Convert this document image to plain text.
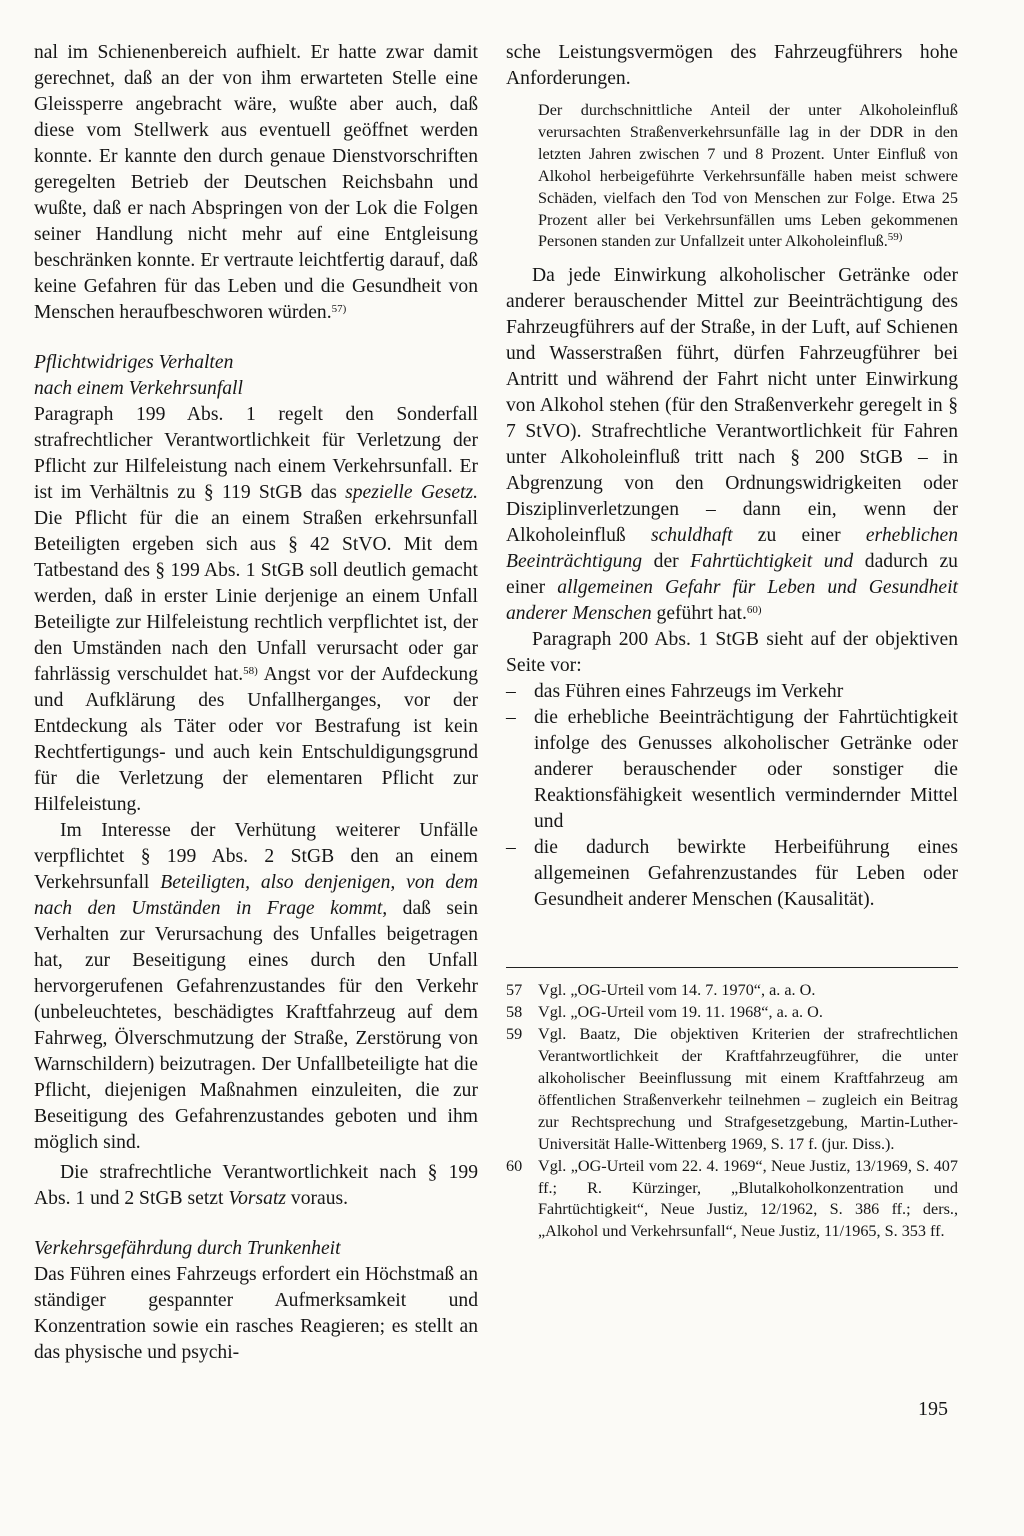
nal im Schienenbereich aufhielt. Er hatte zwar damit gerechnet, daß an der von ihm erwarteten Stelle eine Gleissperre angebracht wäre, wußte aber auch, daß diese vom Stellwerk aus eventuell geöffnet werden konnte. Er kannte den durch genaue Dienstvorschriften geregelten Betrieb der Deutschen Reichsbahn und wußte, daß er nach Abspringen von der Lok die Folgen seiner Handlung nicht mehr auf eine Entgleisung beschränken konnte. Er vertraute leichtfertig darauf, daß keine Gefahren für das Leben und die Gesundheit von Menschen heraufbeschworen würden.$^{57)}$

Pflichtwidriges Verhalten
nach einem Verkehrsunfall

Paragraph 199 Abs. 1 regelt den Sonderfall strafrechtlicher Verantwortlichkeit für Verletzung der Pflicht zur Hilfeleistung nach einem Verkehrsunfall. Er ist im Verhältnis zu § 119 StGB das spezielle Gesetz. Die Pflicht für die an einem Straßen erkehrsunfall Beteiligten ergeben sich aus § 42 StVO. Mit dem Tatbestand des § 199 Abs. 1 StGB soll deutlich gemacht werden, daß in erster Linie derjenige an einem Unfall Beteiligte zur Hilfeleistung rechtlich verpflichtet ist, der den Umständen nach den Unfall verursacht oder gar fahrlässig verschuldet hat.$^{58)}$ Angst vor der Aufdeckung und Aufklärung des Unfallherganges, vor der Entdeckung als Täter oder vor Bestrafung ist kein Rechtfertigungs- und auch kein Entschuldigungsgrund für die Verletzung der elementaren Pflicht zur Hilfeleistung.

Im Interesse der Verhütung weiterer Unfälle verpflichtet § 199 Abs. 2 StGB den an einem Verkehrsunfall Beteiligten, also denjenigen, von dem nach den Umständen in Frage kommt, daß sein Verhalten zur Verursachung des Unfalles beigetragen hat, zur Beseitigung eines durch den Unfall hervorgerufenen Gefahrenzustandes für den Verkehr (unbeleuchtetes, beschädigtes Kraftfahrzeug auf dem Fahrweg, Ölverschmutzung der Straße, Zerstörung von Warnschildern) beizutragen. Der Unfallbeteiligte hat die Pflicht, diejenigen Maßnahmen einzuleiten, die zur Beseitigung des Gefahrenzustandes geboten und ihm möglich sind.

Die strafrechtliche Verantwortlichkeit nach § 199 Abs. 1 und 2 StGB setzt Vorsatz voraus.

Verkehrsgefährdung durch Trunkenheit

Das Führen eines Fahrzeugs erfordert ein Höchstmaß an ständiger gespannter Aufmerksamkeit und Konzentration sowie ein rasches Reagieren; es stellt an das physische und psychi-

sche Leistungsvermögen des Fahrzeugführers hohe Anforderungen.

Der durchschnittliche Anteil der unter Alkoholeinfluß verursachten Straßenverkehrsunfälle lag in der DDR in den letzten Jahren zwischen 7 und 8 Prozent. Unter Einfluß von Alkohol herbeigeführte Verkehrsunfälle haben meist schwere Schäden, vielfach den Tod von Menschen zur Folge. Etwa 25 Prozent aller bei Verkehrsunfällen ums Leben gekommenen Personen standen zur Unfallzeit unter Alkoholeinfluß.$^{59)}$

Da jede Einwirkung alkoholischer Getränke oder anderer berauschender Mittel zur Beeinträchtigung des Fahrzeugführers auf der Straße, in der Luft, auf Schienen und Wasserstraßen führt, dürfen Fahrzeugführer bei Antritt und während der Fahrt nicht unter Einwirkung von Alkohol stehen (für den Straßenverkehr geregelt in § 7 StVO). Strafrechtliche Verantwortlichkeit für Fahren unter Alkoholeinfluß tritt nach § 200 StGB – in Abgrenzung von den Ordnungswidrigkeiten oder Disziplinverletzungen – dann ein, wenn der Alkoholeinfluß schuldhaft zu einer erheblichen Beeinträchtigung der Fahrtüchtigkeit und dadurch zu einer allgemeinen Gefahr für Leben und Gesundheit anderer Menschen geführt hat.$^{60)}$

Paragraph 200 Abs. 1 StGB sieht auf der objektiven Seite vor:

– das Führen eines Fahrzeugs im Verkehr
– die erhebliche Beeinträchtigung der Fahrtüchtigkeit infolge des Genusses alkoholischer Getränke oder anderer berauschender oder sonstiger die Reaktionsfähigkeit wesentlich vermindernder Mittel und
– die dadurch bewirkte Herbeiführung eines allgemeinen Gefahrenzustandes für Leben oder Gesundheit anderer Menschen (Kausalität).
57 Vgl. „OG-Urteil vom 14. 7. 1970“, a. a. O.
58 Vgl. „OG-Urteil vom 19. 11. 1968“, a. a. O.
59 Vgl. Baatz, Die objektiven Kriterien der strafrechtlichen Verantwortlichkeit der Kraftfahrzeugführer, die unter alkoholischer Beeinflussung mit einem Kraftfahrzeug am öffentlichen Straßenverkehr teilnehmen – zugleich ein Beitrag zur Rechtsprechung und Strafgesetzgebung, Martin-Luther-Universität Halle-Wittenberg 1969, S. 17 f. (jur. Diss.).
60 Vgl. „OG-Urteil vom 22. 4. 1969“, Neue Justiz, 13/1969, S. 407 ff.; R. Kürzinger, „Blutalkoholkonzentration und Fahrtüchtigkeit“, Neue Justiz, 12/1962, S. 386 ff.; ders., „Alkohol und Verkehrsunfall“, Neue Justiz, 11/1965, S. 353 ff.
195
